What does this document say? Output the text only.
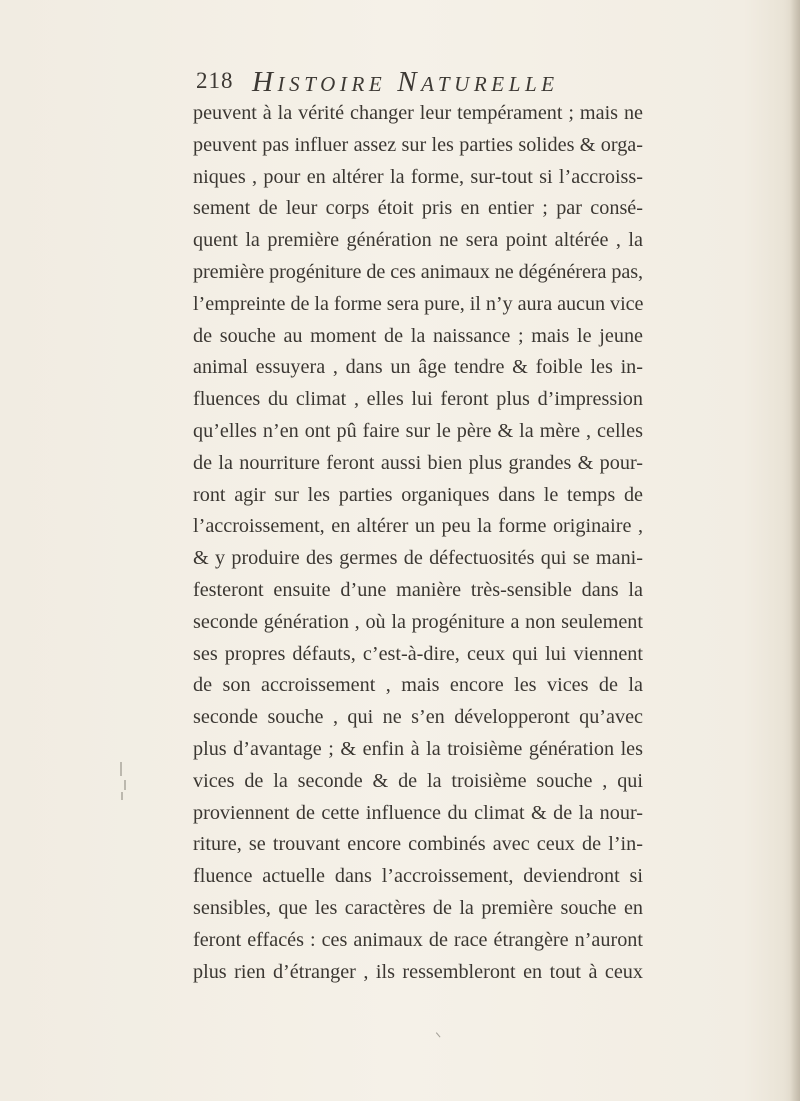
218 HISTOIRE NATURELLE
peuvent à la vérité changer leur tempérament ; mais ne
peuvent pas influer assez sur les parties solides & orga-
niques , pour en altérer la forme, sur-tout si l’accroiss-
sement de leur corps étoit pris en entier ; par consé-
quent la première génération ne sera point altérée , la
première progéniture de ces animaux ne dégénérera pas,
l’empreinte de la forme sera pure, il n’y aura aucun vice
de souche au moment de la naissance ; mais le jeune
animal essuyera , dans un âge tendre & foible les in-
fluences du climat , elles lui feront plus d’impression
qu’elles n’en ont pû faire sur le père & la mère , celles
de la nourriture feront aussi bien plus grandes & pour-
ront agir sur les parties organiques dans le temps de
l’accroissement, en altérer un peu la forme originaire ,
& y produire des germes de défectuosités qui se mani-
festeront ensuite d’une manière très-sensible dans la
seconde génération , où la progéniture a non seulement
ses propres défauts, c’est-à-dire, ceux qui lui viennent
de son accroissement , mais encore les vices de la
seconde souche , qui ne s’en développeront qu’avec
plus d’avantage ; & enfin à la troisième génération les
vices de la seconde & de la troisième souche , qui
proviennent de cette influence du climat & de la nour-
riture, se trouvant encore combinés avec ceux de l’in-
fluence actuelle dans l’accroissement, deviendront si
sensibles, que les caractères de la première souche en
feront effacés : ces animaux de race étrangère n’auront
plus rien d’étranger , ils ressembleront en tout à ceux
